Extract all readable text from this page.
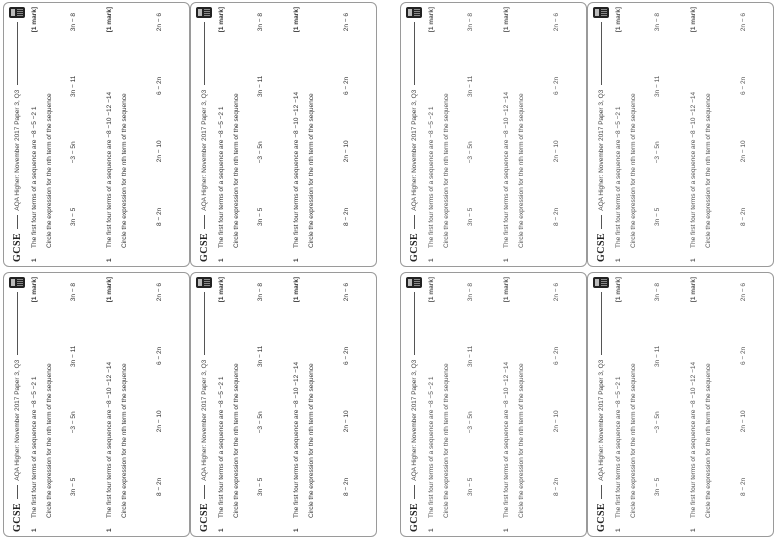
GCSE
AQA Higher: November 2017 Paper 3, Q3
1The first four terms of a sequence are −8 −5 −2 1
[1 mark]
Circle the expression for the nth term of the sequence	3n − 5
−3 − 5n
3n − 11
3n − 8
1The first four terms of a sequence are −8 −10 −12 −14
[1 mark]
Circle the expression for the nth term of the sequence	8 − 2n
2n − 10
6 − 2n
2n − 6
GCSE
AQA Higher: November 2017 Paper 3, Q3
1The first four terms of a sequence are −8 −5 −2 1
[1 mark]
Circle the expression for the nth term of the sequence	3n − 5
−3 − 5n
3n − 11
3n − 8
1The first four terms of a sequence are −8 −10 −12 −14
[1 mark]
Circle the expression for the nth term of the sequence	8 − 2n
2n − 10
6 − 2n
2n − 6
GCSE
AQA Higher: November 2017 Paper 3, Q3
1The first four terms of a sequence are −8 −5 −2 1
[1 mark]
Circle the expression for the nth term of the sequence	3n − 5
−3 − 5n
3n − 11
3n − 8
1The first four terms of a sequence are −8 −10 −12 −14
[1 mark]
Circle the expression for the nth term of the sequence	8 − 2n
2n − 10
6 − 2n
2n − 6
GCSE
AQA Higher: November 2017 Paper 3, Q3
1The first four terms of a sequence are −8 −5 −2 1
[1 mark]
Circle the expression for the nth term of the sequence	3n − 5
−3 − 5n
3n − 11
3n − 8
1The first four terms of a sequence are −8 −10 −12 −14
[1 mark]
Circle the expression for the nth term of the sequence	8 − 2n
2n − 10
6 − 2n
2n − 6
GCSE
AQA Higher: November 2017 Paper 3, Q3
1The first four terms of a sequence are −8 −5 −2 1
[1 mark]
Circle the expression for the nth term of the sequence	3n − 5
−3 − 5n
3n − 11
3n − 8
1The first four terms of a sequence are −8 −10 −12 −14
[1 mark]
Circle the expression for the nth term of the sequence	8 − 2n
2n − 10
6 − 2n
2n − 6
GCSE
AQA Higher: November 2017 Paper 3, Q3
1The first four terms of a sequence are −8 −5 −2 1
[1 mark]
Circle the expression for the nth term of the sequence	3n − 5
−3 − 5n
3n − 11
3n − 8
1The first four terms of a sequence are −8 −10 −12 −14
[1 mark]
Circle the expression for the nth term of the sequence	8 − 2n
2n − 10
6 − 2n
2n − 6
GCSE
AQA Higher: November 2017 Paper 3, Q3
1The first four terms of a sequence are −8 −5 −2 1
[1 mark]
Circle the expression for the nth term of the sequence	3n − 5
−3 − 5n
3n − 11
3n − 8
1The first four terms of a sequence are −8 −10 −12 −14
[1 mark]
Circle the expression for the nth term of the sequence	8 − 2n
2n − 10
6 − 2n
2n − 6
GCSE
AQA Higher: November 2017 Paper 3, Q3
1The first four terms of a sequence are −8 −5 −2 1
[1 mark]
Circle the expression for the nth term of the sequence	3n − 5
−3 − 5n
3n − 11
3n − 8
1The first four terms of a sequence are −8 −10 −12 −14
[1 mark]
Circle the expression for the nth term of the sequence	8 − 2n
2n − 10
6 − 2n
2n − 6
